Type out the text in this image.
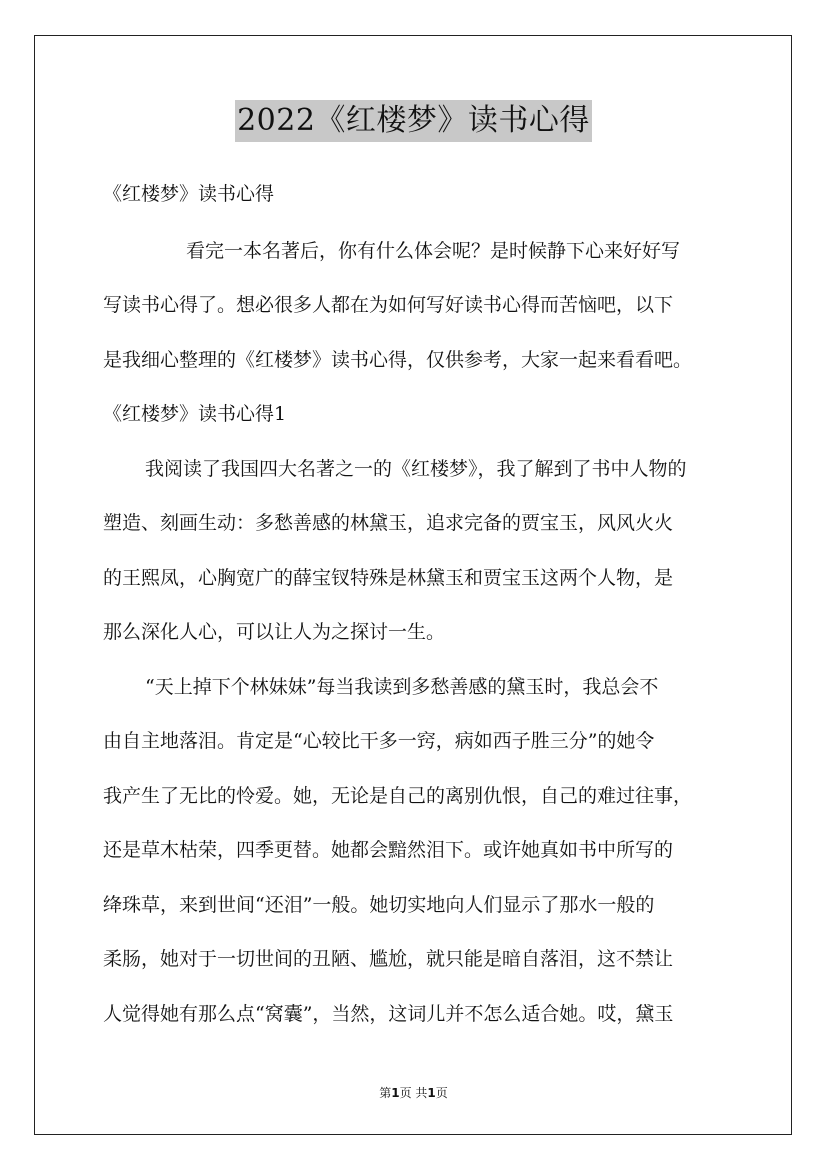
2022《红楼梦》读书心得
《红楼梦》读书心得
看完一本名著后，你有什么体会呢？是时候静下心来好好写
写读书心得了。想必很多人都在为如何写好读书心得而苦恼吧，以下
是我细心整理的《红楼梦》读书心得，仅供参考，大家一起来看看吧。
《红楼梦》读书心得1
我阅读了我国四大名著之一的《红楼梦》，我了解到了书中人物的
塑造、刻画生动：多愁善感的林黛玉，追求完备的贾宝玉，风风火火
的王熙凤，心胸宽广的薛宝钗特殊是林黛玉和贾宝玉这两个人物，是
那么深化人心，可以让人为之探讨一生。
“天上掉下个林妹妹”每当我读到多愁善感的黛玉时，我总会不
由自主地落泪。肯定是“心较比干多一窍，病如西子胜三分”的她令
我产生了无比的怜爱。她，无论是自己的离别仇恨，自己的难过往事，
还是草木枯荣，四季更替。她都会黯然泪下。或许她真如书中所写的
绛珠草，来到世间“还泪”一般。她切实地向人们显示了那水一般的
柔肠，她对于一切世间的丑陋、尴尬，就只能是暗自落泪，这不禁让
人觉得她有那么点“窝囊”，当然，这词儿并不怎么适合她。哎，黛玉
第1页 共1页
